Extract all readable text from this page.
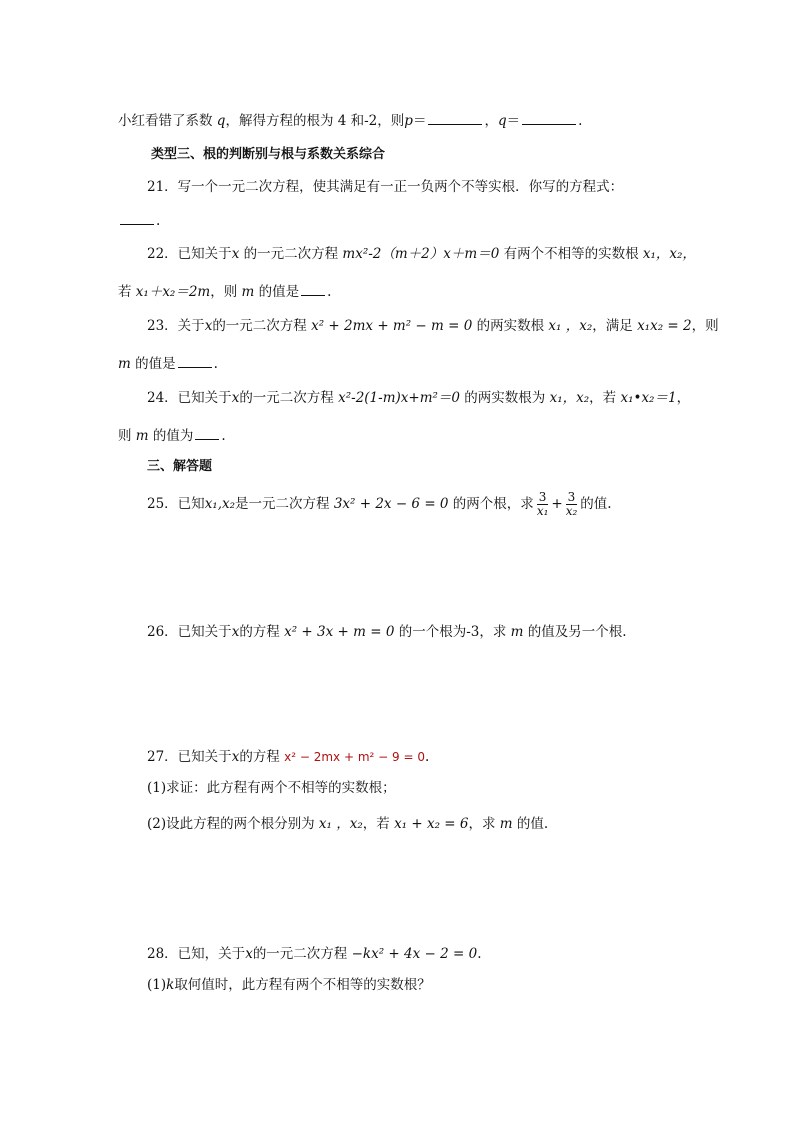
小红看错了系数 q，解得方程的根为 4 和-2，则p＝	，q＝	.
类型三、根的判断别与根与系数关系综合
21．写一个一元二次方程，使其满足有一正一负两个不等实根．你写的方程式：
.
22．已知关于x 的一元二次方程 mx²-2（m＋2）x＋m＝0 有两个不相等的实数根 x₁，x₂，
若 x₁＋x₂＝2m，则 m 的值是 .
23．关于x的一元二次方程 x² + 2mx + m² − m = 0 的两实数根 x₁ ，x₂，满足 x₁x₂ = 2，则
m 的值是	.
24．已知关于x的一元二次方程 x²-2(1-m)x+m²＝0 的两实数根为 x₁，x₂，若 x₁•x₂＝1，
则 m 的值为 .
三、解答题
25．已知x₁,x₂是一元二次方程 3x² + 2x − 6 = 0 的两个根，求 $\frac{3}{\text{x₁}} + \frac{3}{\text{x₂}}$ 的值.
26．已知关于x的方程 x² + 3x + m = 0 的一个根为-3，求 m 的值及另一个根.
27．已知关于x的方程 x² − 2mx + m² − 9 = 0.
(1)求证：此方程有两个不相等的实数根；
(2)设此方程的两个根分别为 x₁ ，x₂，若 x₁ + x₂ = 6，求 m 的值.
28．已知，关于x的一元二次方程 −kx² + 4x − 2 = 0.
(1)k取何值时，此方程有两个不相等的实数根？
